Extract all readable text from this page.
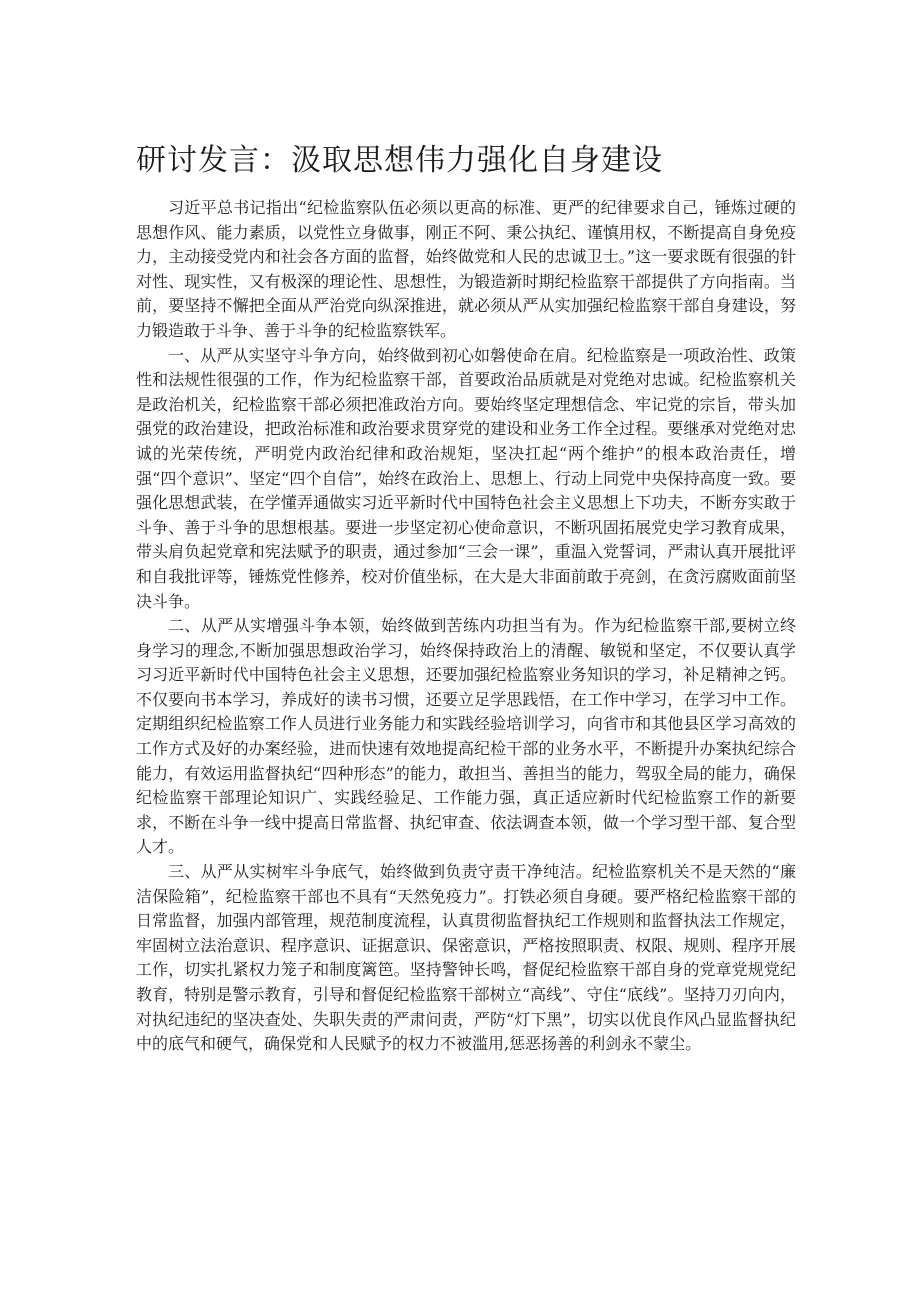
研讨发言：汲取思想伟力强化自身建设

习近平总书记指出“纪检监察队伍必须以更高的标准、更严的纪律要求自己，锤炼过硬的思想作风、能力素质，以党性立身做事，刚正不阿、秉公执纪、谨慎用权，不断提高自身免疫力，主动接受党内和社会各方面的监督，始终做党和人民的忠诚卫士。”这一要求既有很强的针对性、现实性，又有极深的理论性、思想性，为锻造新时期纪检监察干部提供了方向指南。当前，要坚持不懈把全面从严治党向纵深推进，就必须从严从实加强纪检监察干部自身建设，努力锻造敢于斗争、善于斗争的纪检监察铁军。

一、从严从实坚守斗争方向，始终做到初心如磐使命在肩。纪检监察是一项政治性、政策性和法规性很强的工作，作为纪检监察干部，首要政治品质就是对党绝对忠诚。纪检监察机关是政治机关，纪检监察干部必须把准政治方向。要始终坚定理想信念、牢记党的宗旨，带头加强党的政治建设，把政治标准和政治要求贯穿党的建设和业务工作全过程。要继承对党绝对忠诚的光荣传统，严明党内政治纪律和政治规矩，坚决扛起“两个维护”的根本政治责任，增强“四个意识”、坚定“四个自信”，始终在政治上、思想上、行动上同党中央保持高度一致。要强化思想武装，在学懂弄通做实习近平新时代中国特色社会主义思想上下功夫，不断夯实敢于斗争、善于斗争的思想根基。要进一步坚定初心使命意识，不断巩固拓展党史学习教育成果，带头肩负起党章和宪法赋予的职责，通过参加“三会一课”，重温入党誓词，严肃认真开展批评和自我批评等，锤炼党性修养，校对价值坐标，在大是大非面前敢于亮剑，在贪污腐败面前坚决斗争。

二、从严从实增强斗争本领，始终做到苦练内功担当有为。作为纪检监察干部,要树立终身学习的理念,不断加强思想政治学习，始终保持政治上的清醒、敏锐和坚定，不仅要认真学习习近平新时代中国特色社会主义思想，还要加强纪检监察业务知识的学习，补足精神之钙。不仅要向书本学习，养成好的读书习惯，还要立足学思践悟，在工作中学习，在学习中工作。定期组织纪检监察工作人员进行业务能力和实践经验培训学习，向省市和其他县区学习高效的工作方式及好的办案经验，进而快速有效地提高纪检干部的业务水平，不断提升办案执纪综合能力，有效运用监督执纪“四种形态”的能力，敢担当、善担当的能力，驾驭全局的能力，确保纪检监察干部理论知识广、实践经验足、工作能力强，真正适应新时代纪检监察工作的新要求，不断在斗争一线中提高日常监督、执纪审查、依法调查本领，做一个学习型干部、复合型人才。

三、从严从实树牢斗争底气，始终做到负责守责干净纯洁。纪检监察机关不是天然的“廉洁保险箱”，纪检监察干部也不具有“天然免疫力”。打铁必须自身硬。要严格纪检监察干部的日常监督，加强内部管理，规范制度流程，认真贯彻监督执纪工作规则和监督执法工作规定，牢固树立法治意识、程序意识、证据意识、保密意识，严格按照职责、权限、规则、程序开展工作，切实扎紧权力笼子和制度篱笆。坚持警钟长鸣，督促纪检监察干部自身的党章党规党纪教育，特别是警示教育，引导和督促纪检监察干部树立“高线”、守住“底线”。坚持刀刃向内，对执纪违纪的坚决查处、失职失责的严肃问责，严防“灯下黑”，切实以优良作风凸显监督执纪中的底气和硬气，确保党和人民赋予的权力不被滥用,惩恶扬善的利剑永不蒙尘。
